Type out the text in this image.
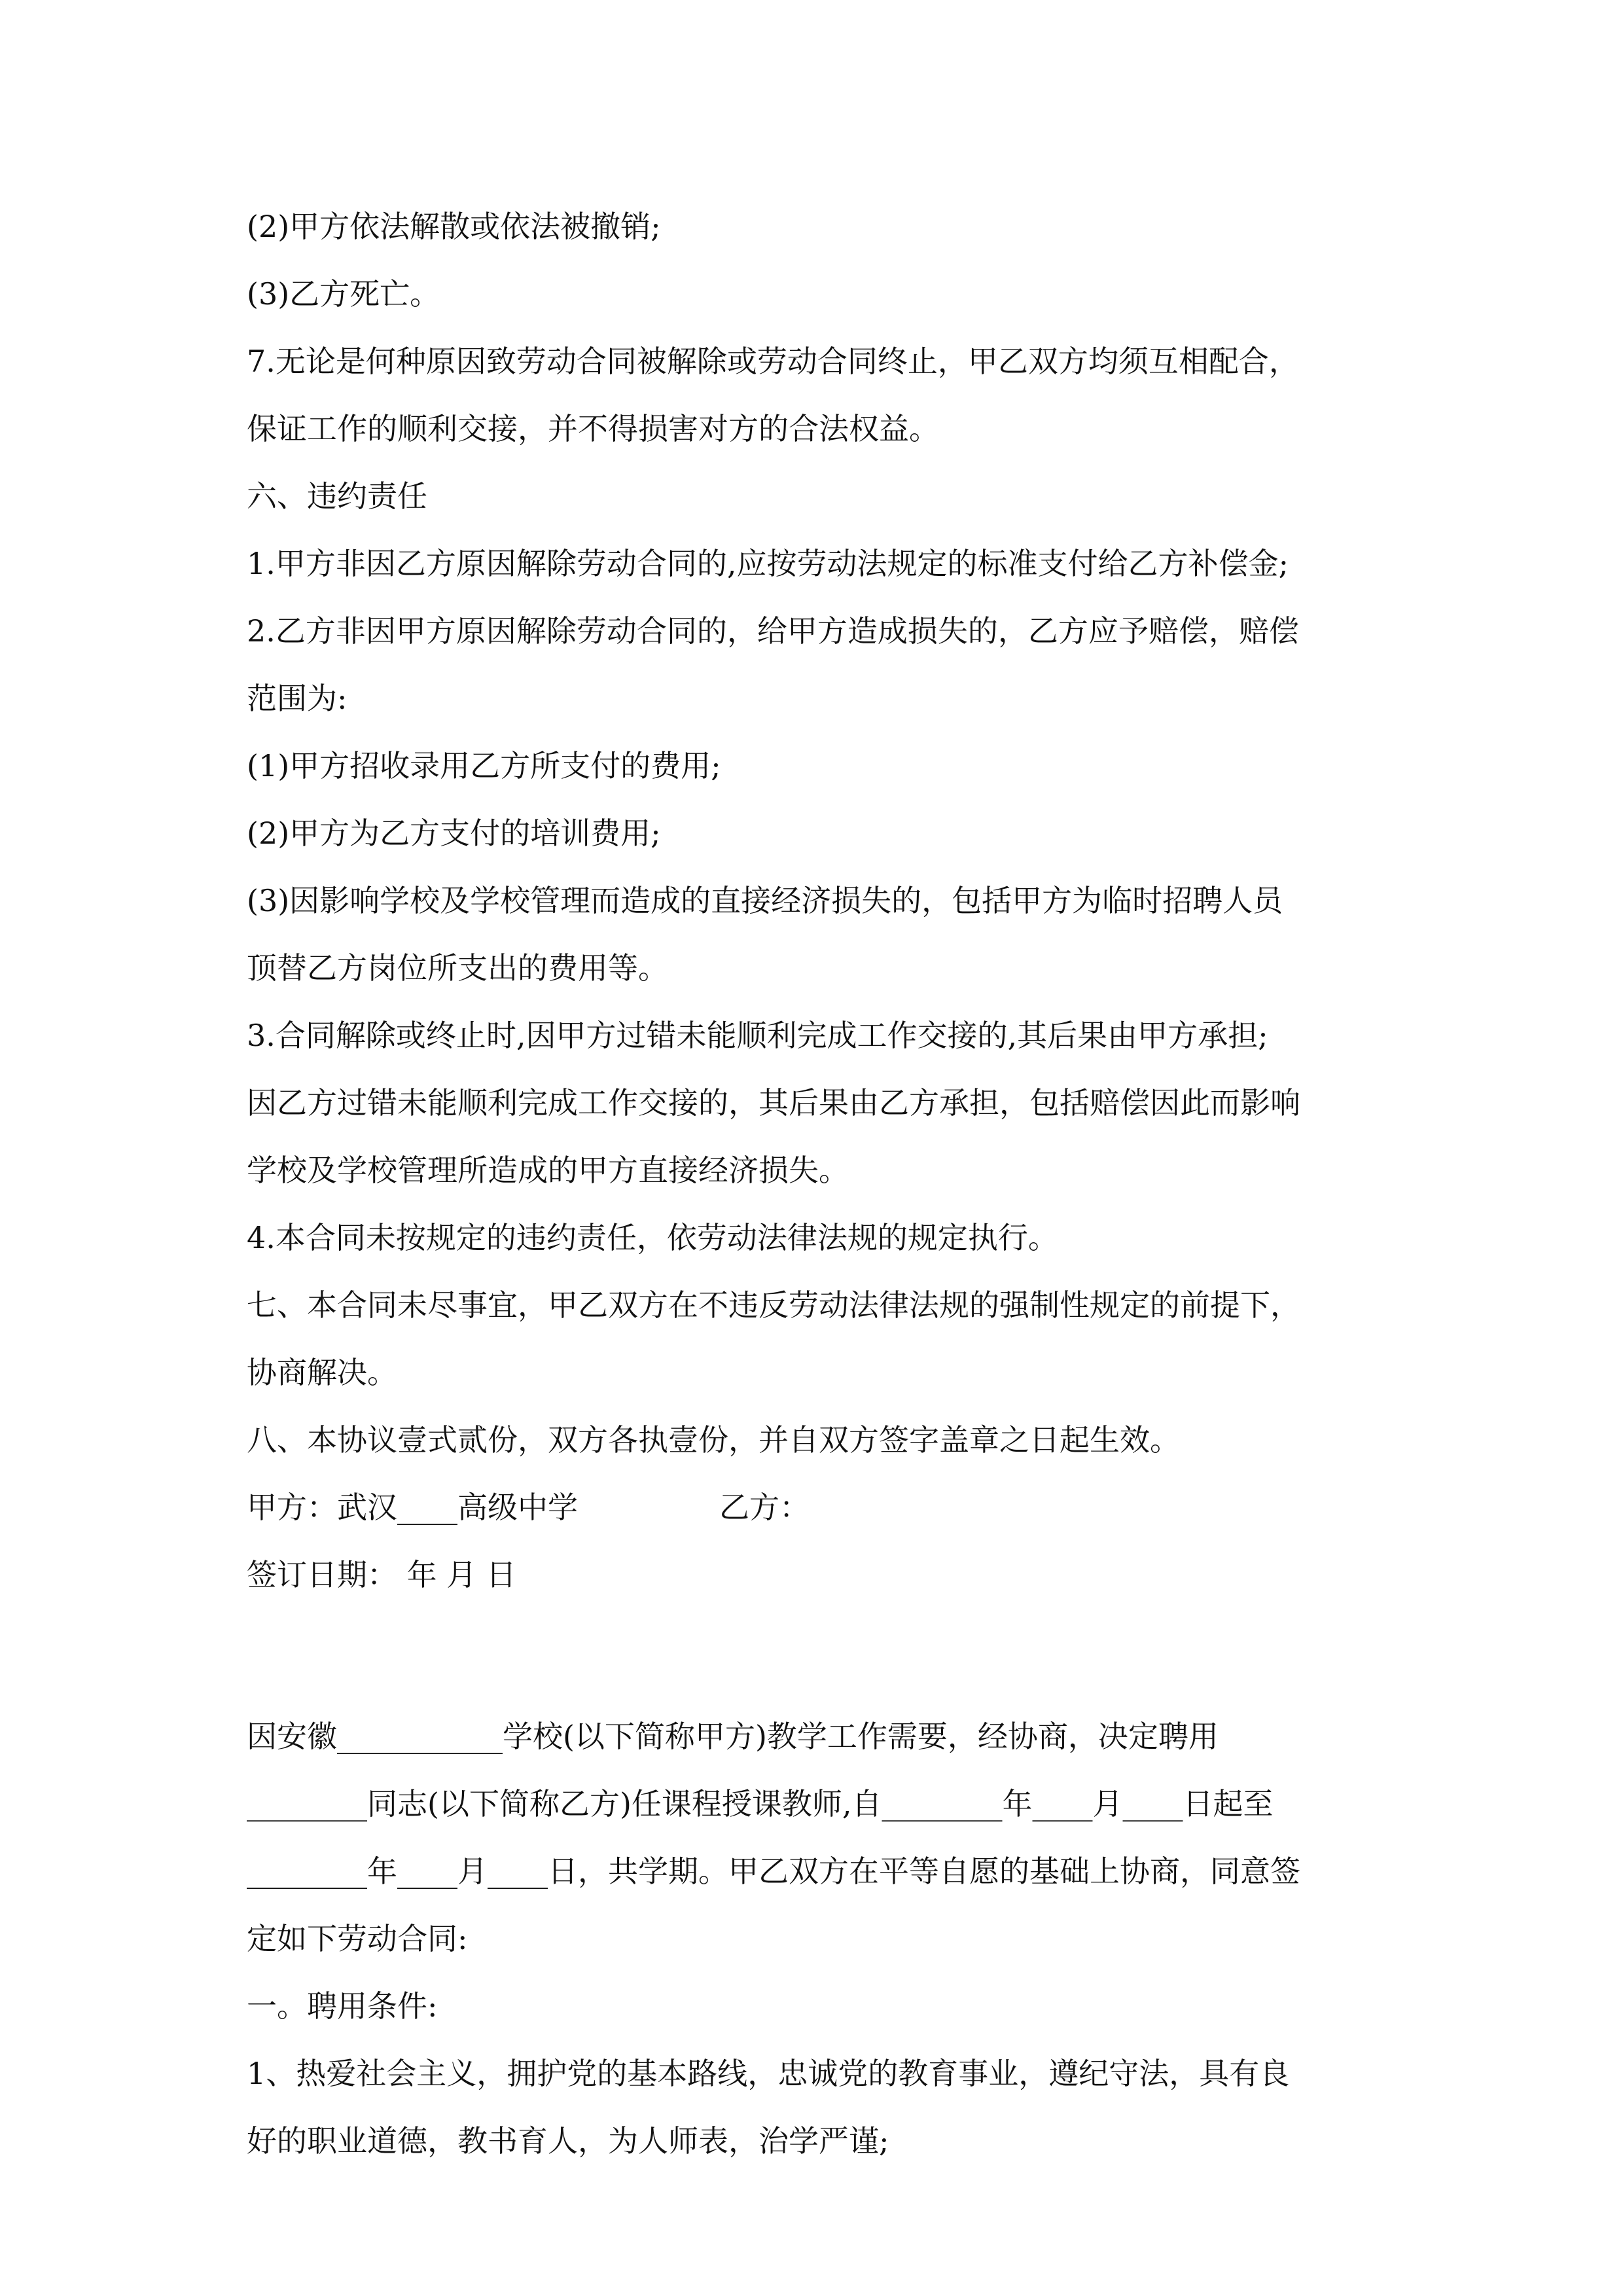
(2)甲方依法解散或依法被撤销;
(3)乙方死亡。
7.无论是何种原因致劳动合同被解除或劳动合同终止，甲乙双方均须互相配合，
保证工作的顺利交接，并不得损害对方的合法权益。
六、违约责任
1.甲方非因乙方原因解除劳动合同的,应按劳动法规定的标准支付给乙方补偿金;
2.乙方非因甲方原因解除劳动合同的，给甲方造成损失的，乙方应予赔偿，赔偿
范围为:
(1)甲方招收录用乙方所支付的费用;
(2)甲方为乙方支付的培训费用;
(3)因影响学校及学校管理而造成的直接经济损失的，包括甲方为临时招聘人员
顶替乙方岗位所支出的费用等。
3.合同解除或终止时,因甲方过错未能顺利完成工作交接的,其后果由甲方承担;
因乙方过错未能顺利完成工作交接的，其后果由乙方承担，包括赔偿因此而影响
学校及学校管理所造成的甲方直接经济损失。
4.本合同未按规定的违约责任，依劳动法律法规的规定执行。
七、本合同未尽事宜，甲乙双方在不违反劳动法律法规的强制性规定的前提下，
协商解决。
八、本协议壹式贰份，双方各执壹份，并自双方签字盖章之日起生效。
甲方：武汉____高级中学	乙方：
签订日期： 年 月 日
因安徽___________学校(以下简称甲方)教学工作需要，经协商，决定聘用
________同志(以下简称乙方)任课程授课教师,自________年____月____日起至
________年____月____日，共学期。甲乙双方在平等自愿的基础上协商，同意签
定如下劳动合同:
一。聘用条件:
1、热爱社会主义，拥护党的基本路线，忠诚党的教育事业，遵纪守法，具有良
好的职业道德，教书育人，为人师表，治学严谨;
